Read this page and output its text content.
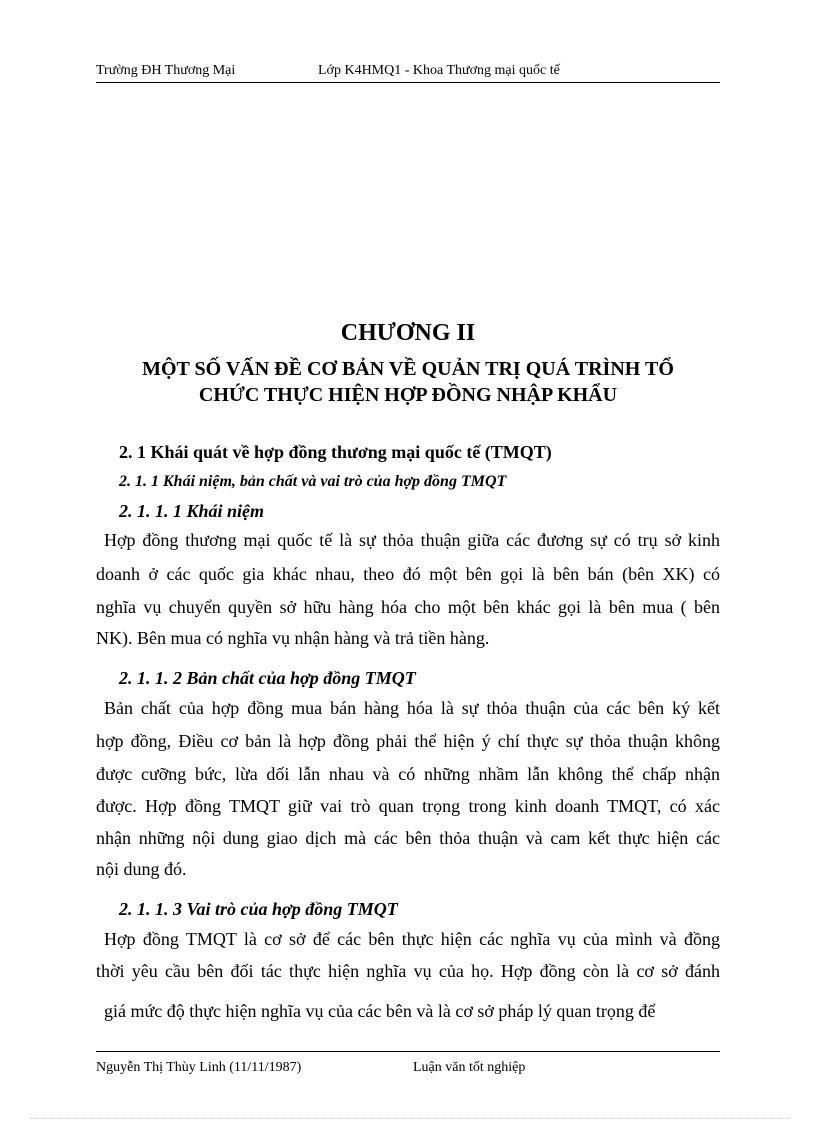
Trường ĐH Thương Mại	Lớp K4HMQ1 - Khoa Thương mại quốc tế
CHƯƠNG II
MỘT SỐ VẤN ĐỀ CƠ BẢN VỀ QUẢN TRỊ QUÁ TRÌNH TỔ
CHỨC THỰC HIỆN HỢP ĐỒNG NHẬP KHẨU
2. 1 Khái quát về hợp đồng thương mại quốc tế (TMQT)
2. 1. 1 Khái niệm, bản chất và vai trò của hợp đồng TMQT
2. 1. 1. 1 Khái niệm
Hợp đồng thương mại quốc tế là sự thỏa thuận giữa các đương sự có trụ sở kinh
doanh ở các quốc gia khác nhau, theo đó một bên gọi là bên bán (bên XK) có
nghĩa vụ chuyển quyền sở hữu hàng hóa cho một bên khác gọi là bên mua ( bên
NK). Bên mua có nghĩa vụ nhận hàng và trả tiền hàng.
2. 1. 1. 2 Bản chất của hợp đồng TMQT
Bản chất của hợp đồng mua bán hàng hóa là sự thỏa thuận của các bên ký kết
hợp đồng, Điều cơ bản là hợp đồng phải thể hiện ý chí thực sự thỏa thuận không
được cưỡng bức, lừa dối lẫn nhau và có những nhầm lẫn không thể chấp nhận
được. Hợp đồng TMQT giữ vai trò quan trọng trong kinh doanh TMQT, có xác
nhận những nội dung giao dịch mà các bên thỏa thuận và cam kết thực hiện các
nội dung đó.
2. 1. 1. 3 Vai trò của hợp đồng TMQT
Hợp đồng TMQT là cơ sở để các bên thực hiện các nghĩa vụ của mình và đồng
thời yêu cầu bên đối tác thực hiện nghĩa vụ của họ. Hợp đồng còn là cơ sở đánh
giá mức độ thực hiện nghĩa vụ của các bên và là cơ sở pháp lý quan trọng để
Nguyễn Thị Thùy Linh (11/11/1987)	Luận văn tốt nghiệp
